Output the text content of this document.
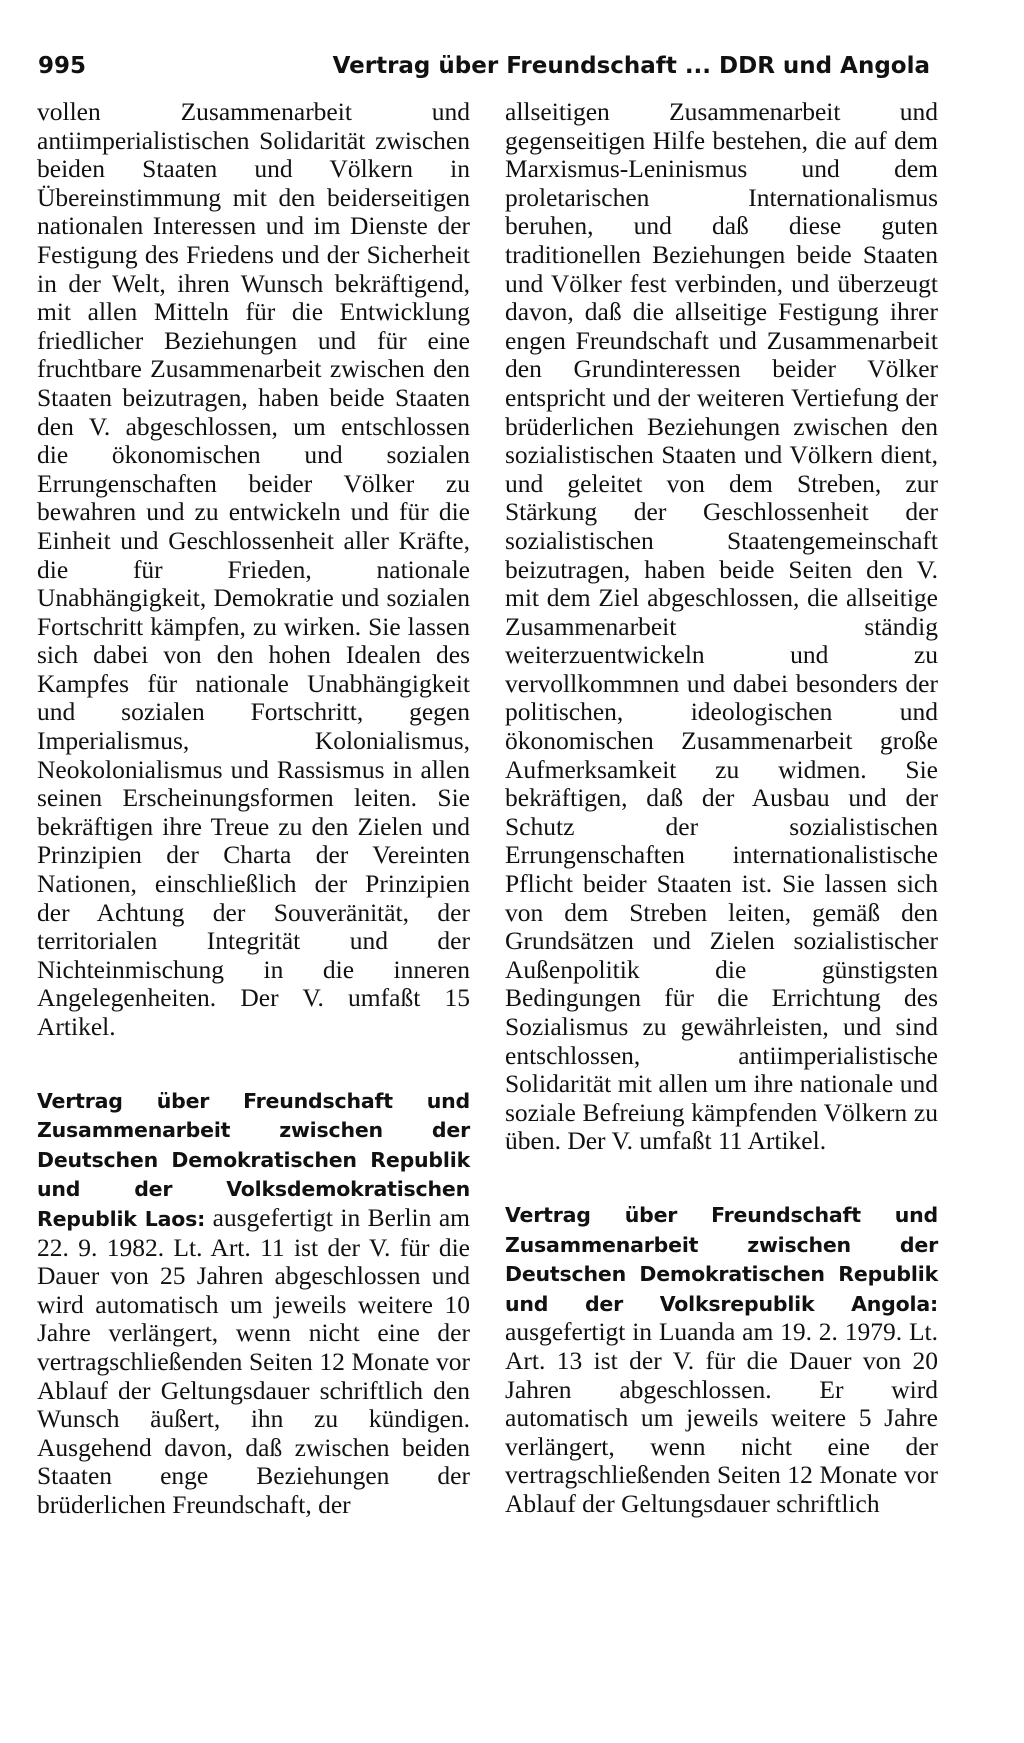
995	Vertrag über Freundschaft ... DDR und Angola

vollen Zusammenarbeit und antiimperialistischen Solidarität zwischen beiden Staaten und Völkern in Übereinstimmung mit den beiderseitigen nationalen Interessen und im Dienste der Festigung des Friedens und der Sicherheit in der Welt, ihren Wunsch bekräftigend, mit allen Mitteln für die Entwicklung friedlicher Beziehungen und für eine fruchtbare Zusammenarbeit zwischen den Staaten beizutragen, haben beide Staaten den V. abgeschlossen, um entschlossen die ökonomischen und sozialen Errungenschaften beider Völker zu bewahren und zu entwickeln und für die Einheit und Geschlossenheit aller Kräfte, die für Frieden, nationale Unabhängigkeit, Demokratie und sozialen Fortschritt kämpfen, zu wirken. Sie lassen sich dabei von den hohen Idealen des Kampfes für nationale Unabhängigkeit und sozialen Fortschritt, gegen Imperialismus, Kolonialismus, Neokolonialismus und Rassismus in allen seinen Erscheinungsformen leiten. Sie bekräftigen ihre Treue zu den Zielen und Prinzipien der Charta der Vereinten Nationen, einschließlich der Prinzipien der Achtung der Souveränität, der territorialen Integrität und der Nichteinmischung in die inneren Angelegenheiten. Der V. umfaßt 15 Artikel.

Vertrag über Freundschaft und Zusammenarbeit zwischen der Deutschen Demokratischen Republik und der Volksdemokratischen Republik Laos: ausgefertigt in Berlin am 22. 9. 1982. Lt. Art. 11 ist der V. für die Dauer von 25 Jahren abgeschlossen und wird automatisch um jeweils weitere 10 Jahre verlängert, wenn nicht eine der vertragschließenden Seiten 12 Monate vor Ablauf der Geltungsdauer schriftlich den Wunsch äußert, ihn zu kündigen. Ausgehend davon, daß zwischen beiden Staaten enge Beziehungen der brüderlichen Freundschaft, der

allseitigen Zusammenarbeit und gegenseitigen Hilfe bestehen, die auf dem Marxismus-Leninismus und dem proletarischen Internationalismus beruhen, und daß diese guten traditionellen Beziehungen beide Staaten und Völker fest verbinden, und überzeugt davon, daß die allseitige Festigung ihrer engen Freundschaft und Zusammenarbeit den Grundinteressen beider Völker entspricht und der weiteren Vertiefung der brüderlichen Beziehungen zwischen den sozialistischen Staaten und Völkern dient, und geleitet von dem Streben, zur Stärkung der Geschlossenheit der sozialistischen Staatengemeinschaft beizutragen, haben beide Seiten den V. mit dem Ziel abgeschlossen, die allseitige Zusammenarbeit ständig weiterzuentwickeln und zu vervollkommnen und dabei besonders der politischen, ideologischen und ökonomischen Zusammenarbeit große Aufmerksamkeit zu widmen. Sie bekräftigen, daß der Ausbau und der Schutz der sozialistischen Errungenschaften internationalistische Pflicht beider Staaten ist. Sie lassen sich von dem Streben leiten, gemäß den Grundsätzen und Zielen sozialistischer Außenpolitik die günstigsten Bedingungen für die Errichtung des Sozialismus zu gewährleisten, und sind entschlossen, antiimperialistische Solidarität mit allen um ihre nationale und soziale Befreiung kämpfenden Völkern zu üben. Der V. umfaßt 11 Artikel.

Vertrag über Freundschaft und Zusammenarbeit zwischen der Deutschen Demokratischen Republik und der Volksrepublik Angola: ausgefertigt in Luanda am 19. 2. 1979. Lt. Art. 13 ist der V. für die Dauer von 20 Jahren abgeschlossen. Er wird automatisch um jeweils weitere 5 Jahre verlängert, wenn nicht eine der vertragschließenden Seiten 12 Monate vor Ablauf der Geltungsdauer schriftlich
